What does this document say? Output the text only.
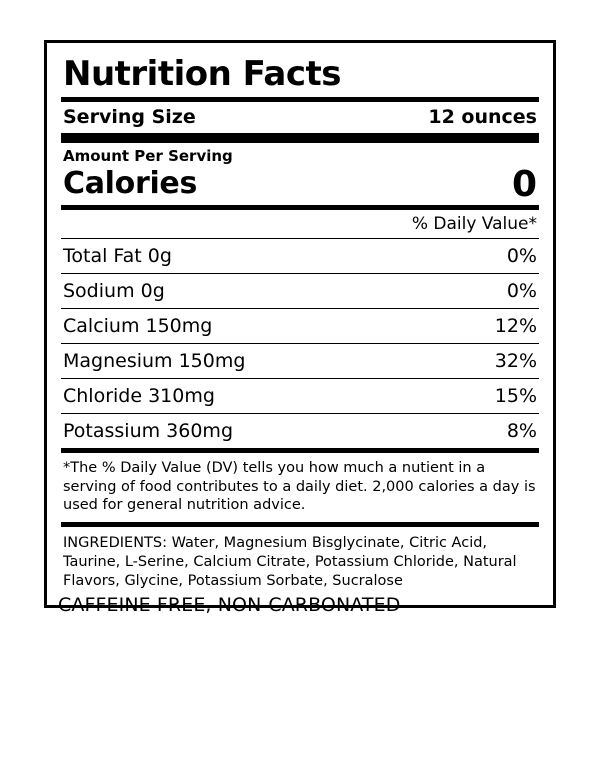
Nutrition Facts
Serving Size	12 ounces
Amount Per Serving
Calories	0
% Daily Value*
Total Fat 0g	0%
Sodium 0g	0%
Calcium 150mg	12%
Magnesium 150mg	32%
Chloride 310mg	15%
Potassium 360mg	8%
*The % Daily Value (DV) tells you how much a nutient in a serving of food contributes to a daily diet. 2,000 calories a day is used for general nutrition advice.
INGREDIENTS: Water, Magnesium Bisglycinate, Citric Acid, Taurine, L-Serine, Calcium Citrate, Potassium Chloride, Natural Flavors, Glycine, Potassium Sorbate, Sucralose
CAFFEINE FREE, NON-CARBONATED
